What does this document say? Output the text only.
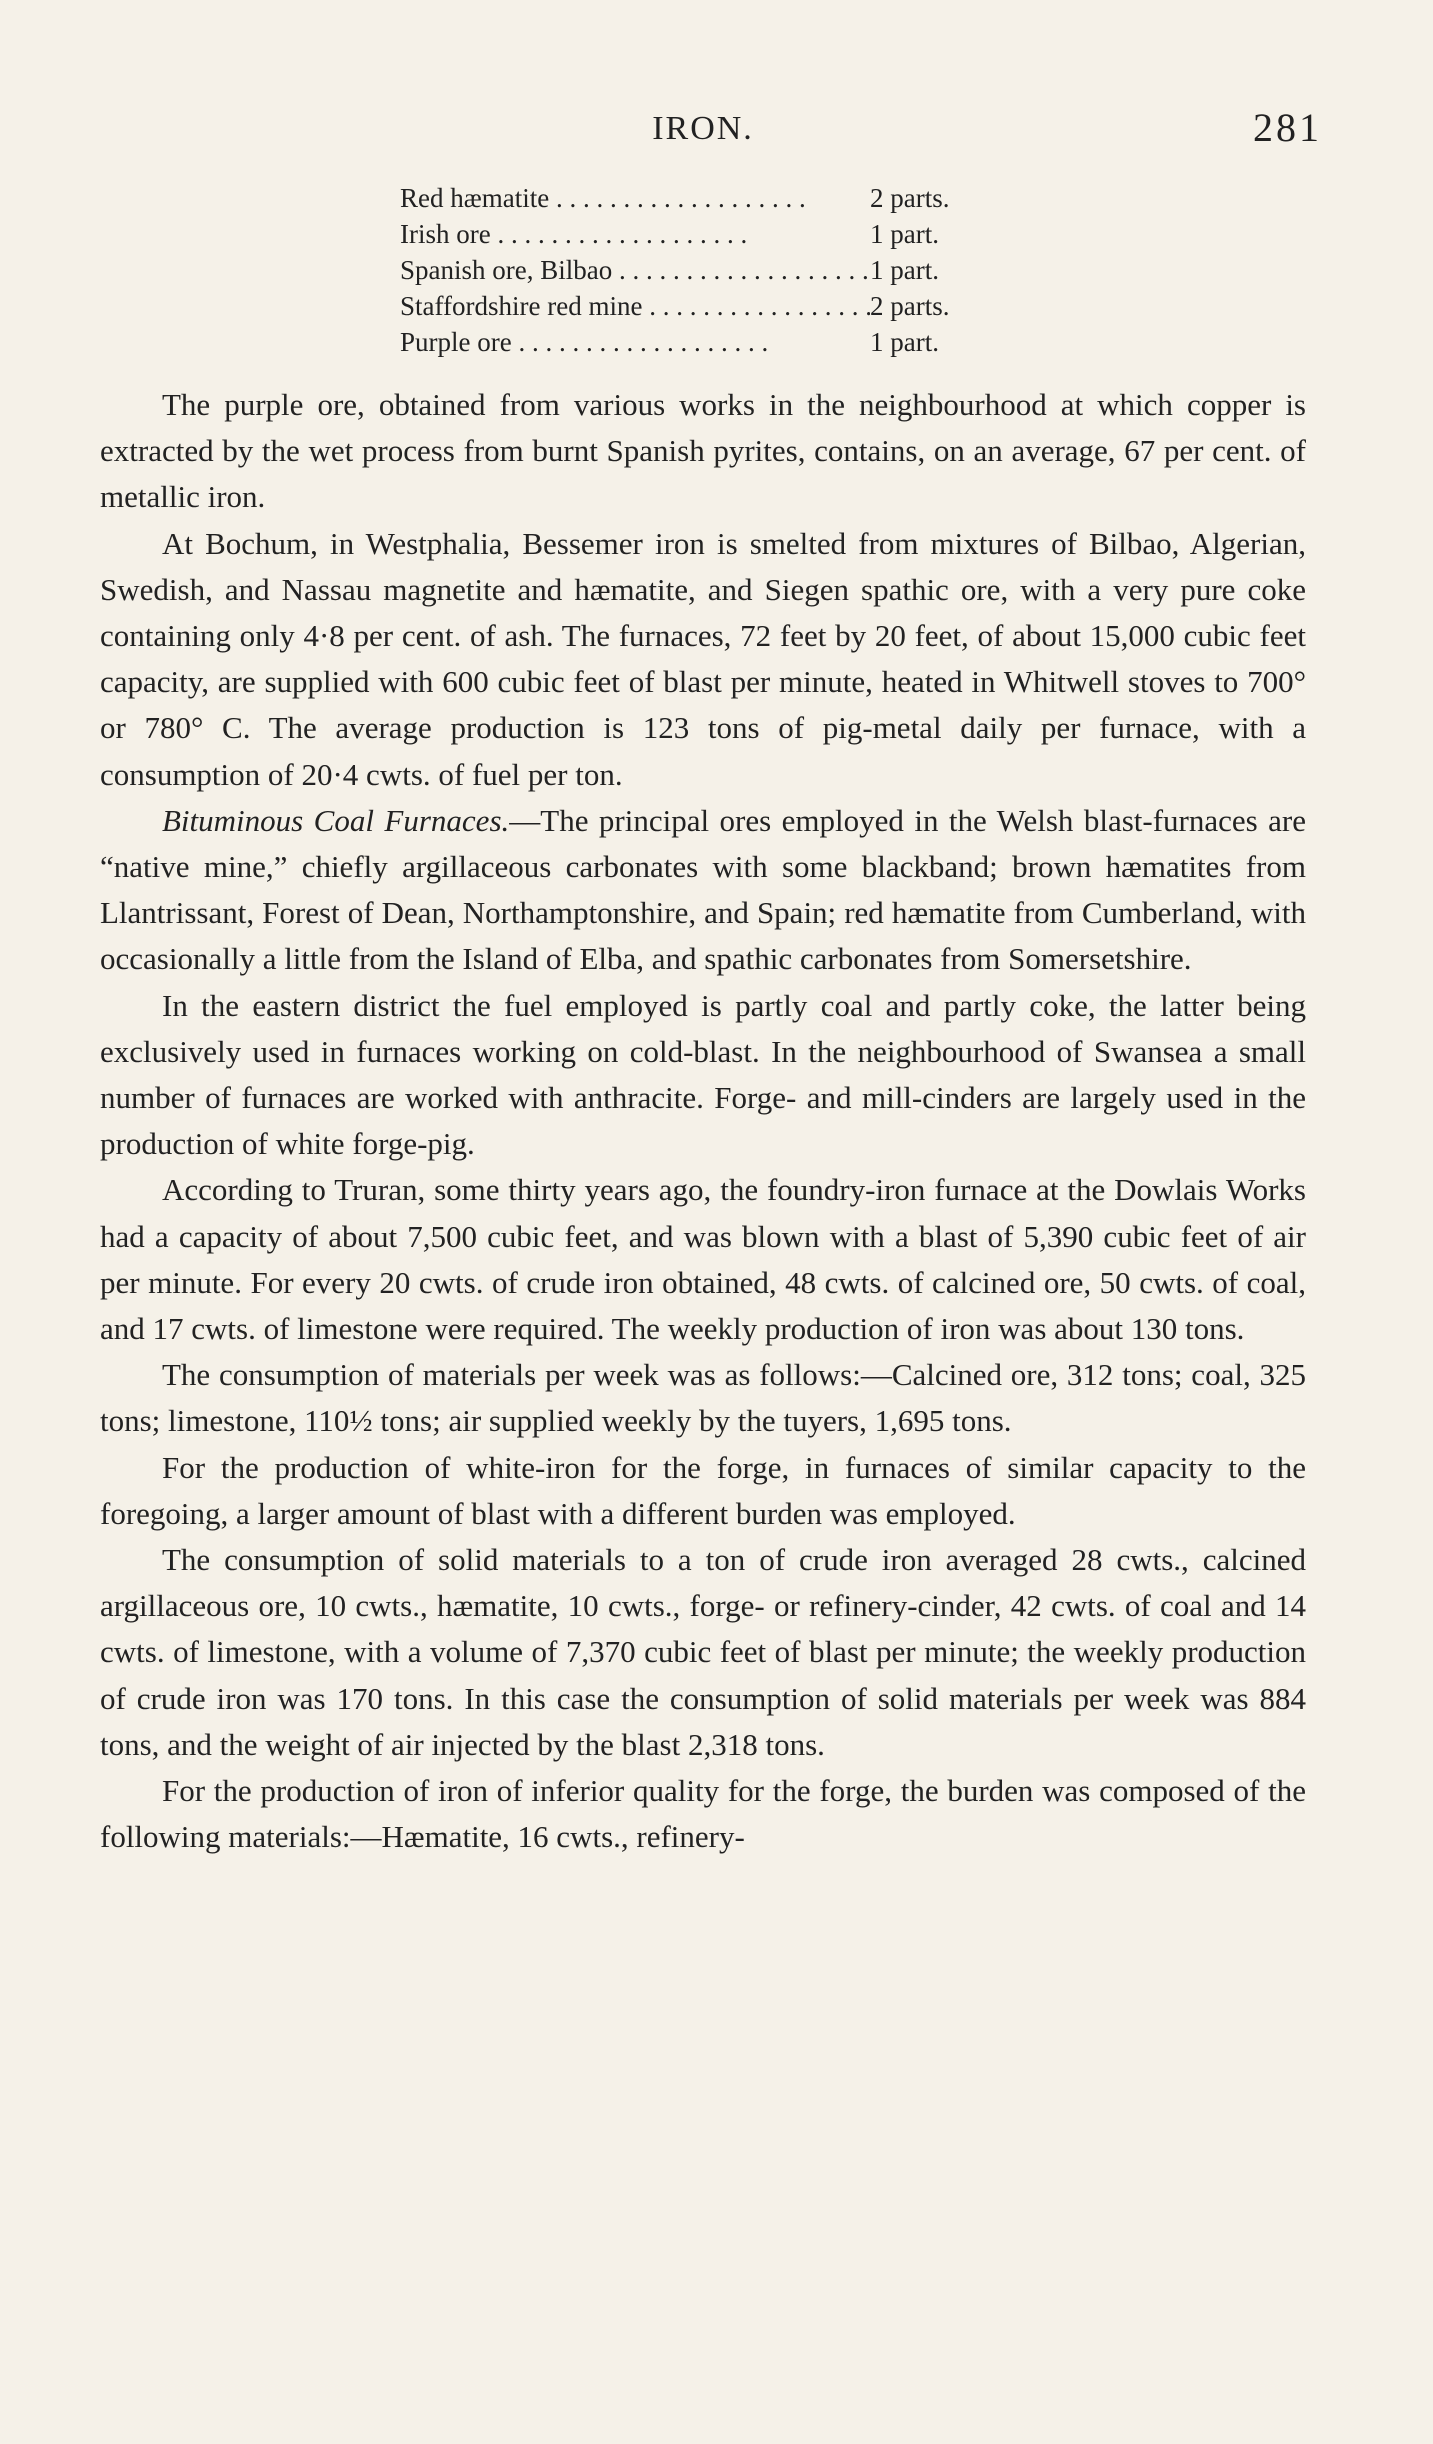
IRON.	281
Red hæmatite . .	2 parts.
Irish ore . .	1 part.
Spanish ore, Bilbao . .	1 part.
Staffordshire red mine . .	2 parts.
Purple ore . .	1 part.

The purple ore, obtained from various works in the neighbourhood at which copper is extracted by the wet process from burnt Spanish pyrites, contains, on an average, 67 per cent. of metallic iron.

At Bochum, in Westphalia, Bessemer iron is smelted from mixtures of Bilbao, Algerian, Swedish, and Nassau magnetite and hæmatite, and Siegen spathic ore, with a very pure coke containing only 4·8 per cent. of ash. The furnaces, 72 feet by 20 feet, of about 15,000 cubic feet capacity, are supplied with 600 cubic feet of blast per minute, heated in Whitwell stoves to 700° or 780° C. The average production is 123 tons of pig-metal daily per furnace, with a consumption of 20·4 cwts. of fuel per ton.

Bituminous Coal Furnaces.—The principal ores employed in the Welsh blast-furnaces are “native mine,” chiefly argillaceous carbonates with some blackband; brown hæmatites from Llantrissant, Forest of Dean, Northamptonshire, and Spain; red hæmatite from Cumberland, with occasionally a little from the Island of Elba, and spathic carbonates from Somersetshire.

In the eastern district the fuel employed is partly coal and partly coke, the latter being exclusively used in furnaces working on cold-blast. In the neighbourhood of Swansea a small number of furnaces are worked with anthracite. Forge- and mill-cinders are largely used in the production of white forge-pig.

According to Truran, some thirty years ago, the foundry-iron furnace at the Dowlais Works had a capacity of about 7,500 cubic feet, and was blown with a blast of 5,390 cubic feet of air per minute. For every 20 cwts. of crude iron obtained, 48 cwts. of calcined ore, 50 cwts. of coal, and 17 cwts. of limestone were required. The weekly production of iron was about 130 tons.

The consumption of materials per week was as follows:—Calcined ore, 312 tons; coal, 325 tons; limestone, 110½ tons; air supplied weekly by the tuyers, 1,695 tons.

For the production of white-iron for the forge, in furnaces of similar capacity to the foregoing, a larger amount of blast with a different burden was employed.

The consumption of solid materials to a ton of crude iron averaged 28 cwts., calcined argillaceous ore, 10 cwts., hæmatite, 10 cwts., forge- or refinery-cinder, 42 cwts. of coal and 14 cwts. of limestone, with a volume of 7,370 cubic feet of blast per minute; the weekly production of crude iron was 170 tons. In this case the consumption of solid materials per week was 884 tons, and the weight of air injected by the blast 2,318 tons.

For the production of iron of inferior quality for the forge, the burden was composed of the following materials:—Hæmatite, 16 cwts., refinery-
